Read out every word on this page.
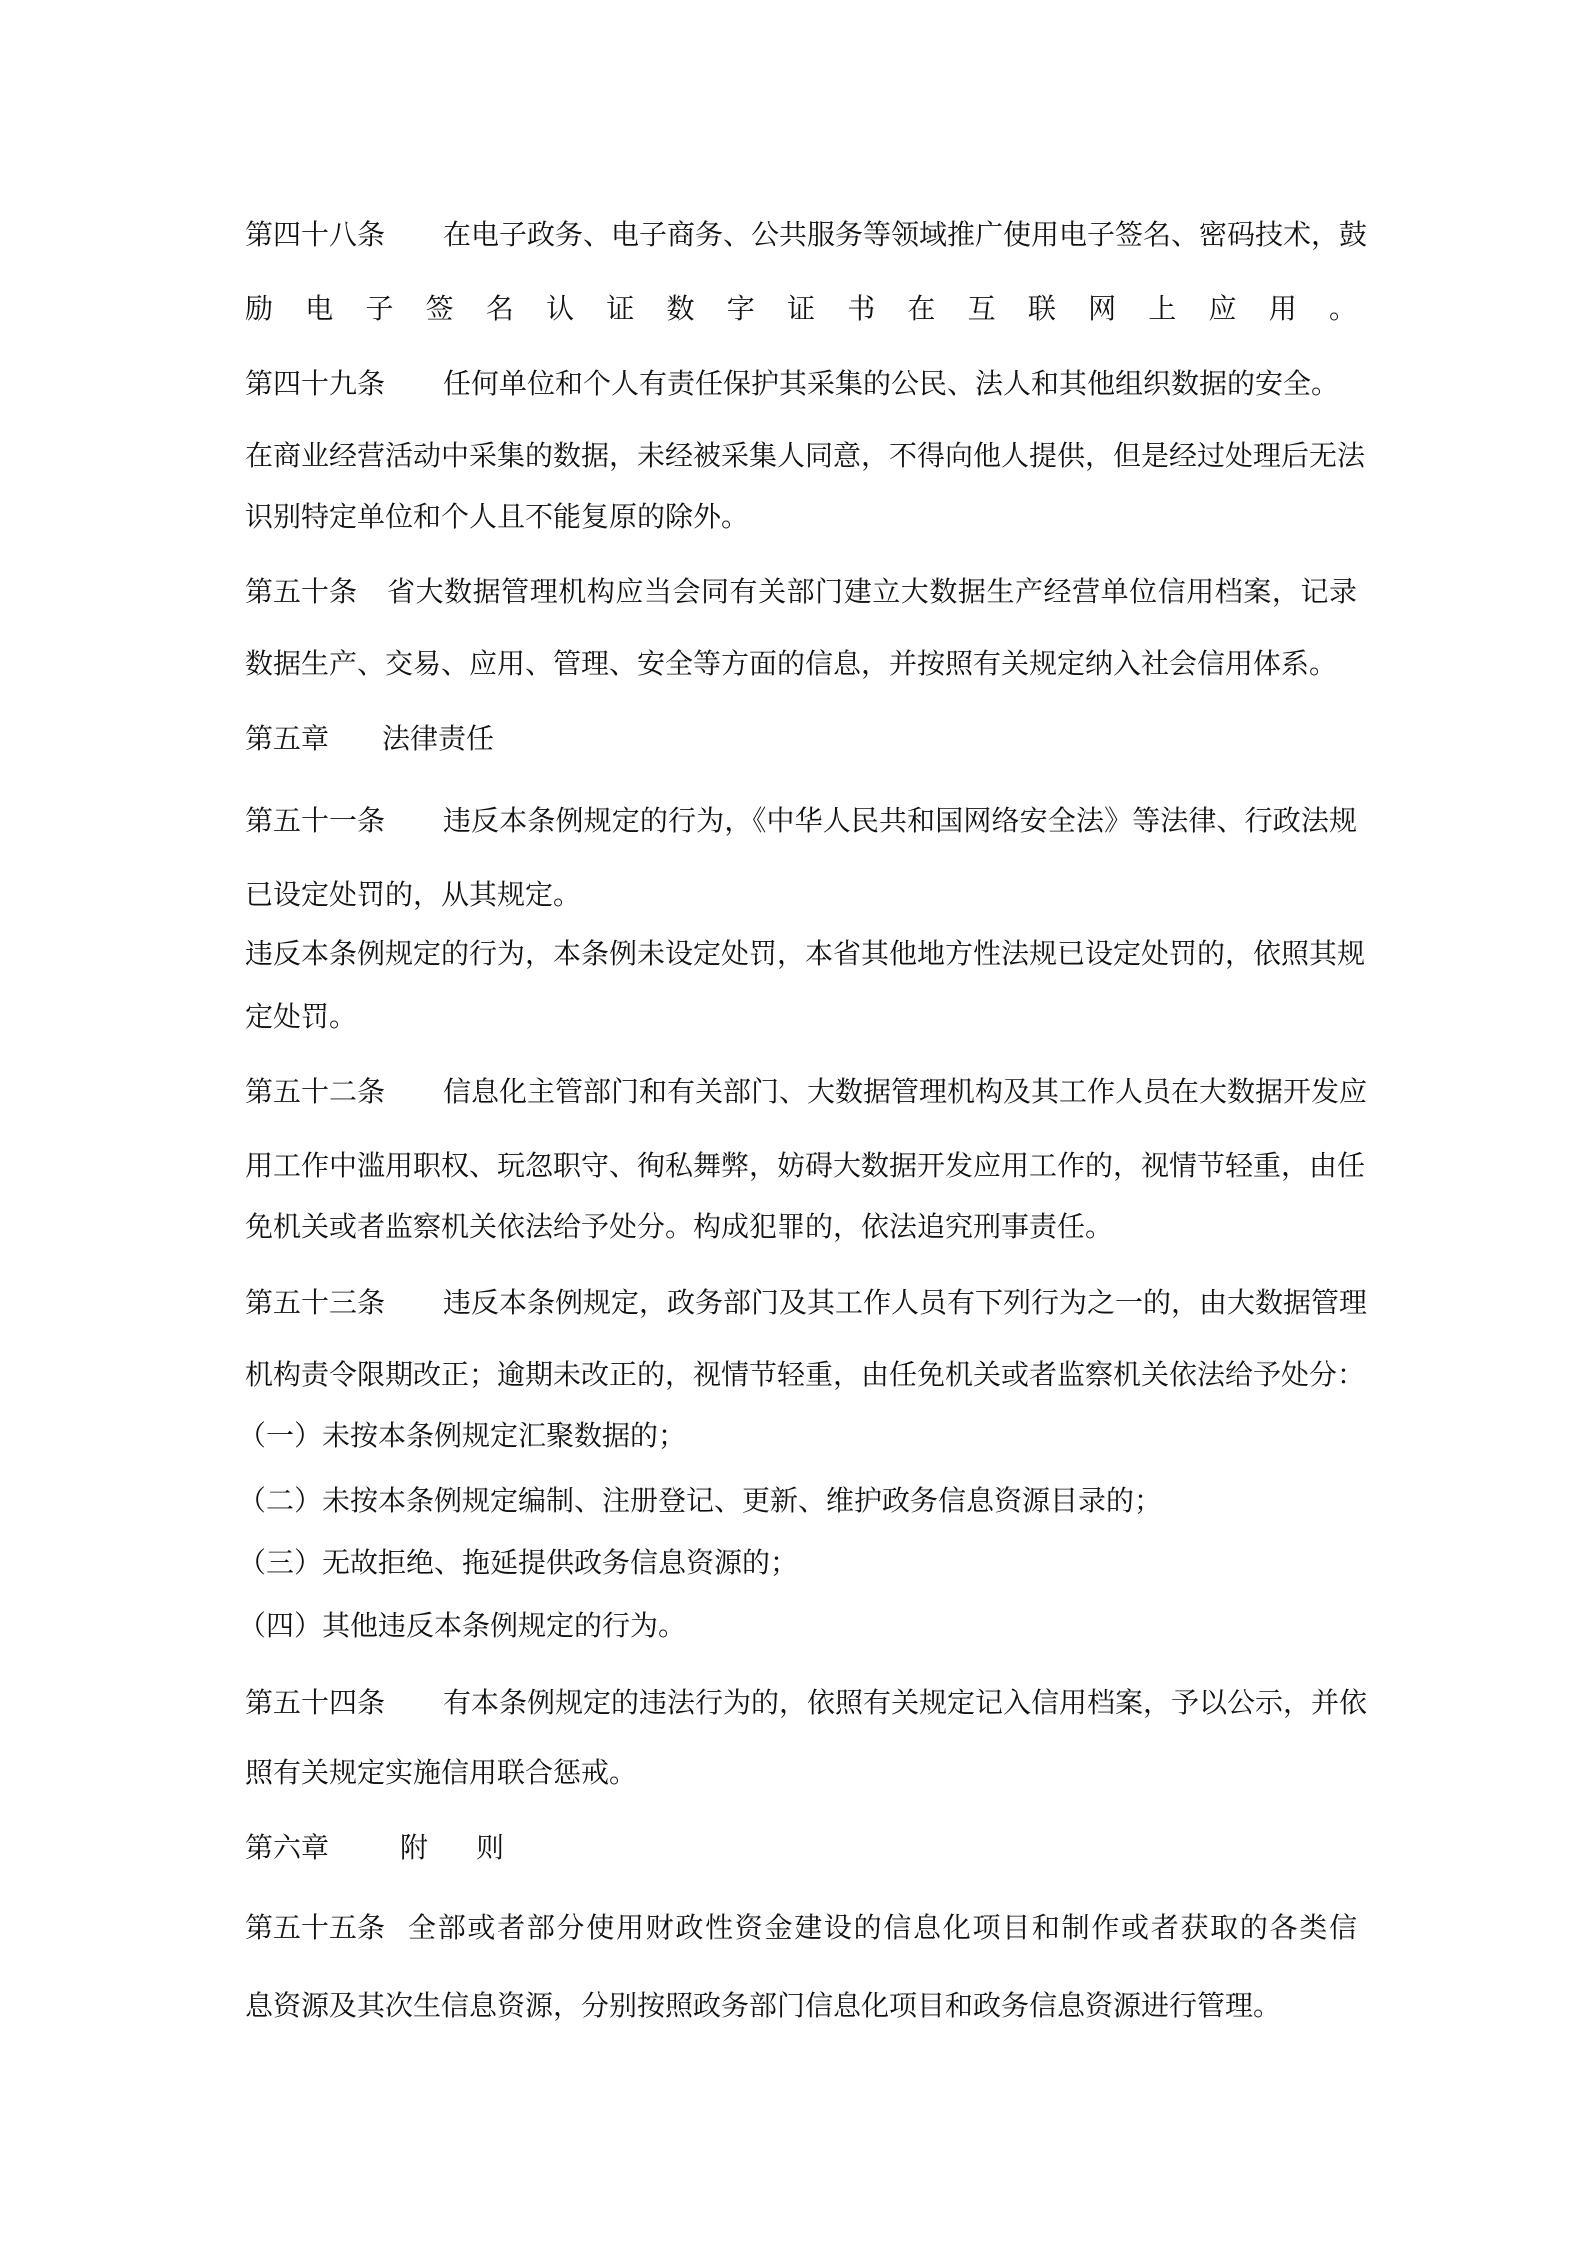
第四十八条 在电子政务、电子商务、公共服务等领域推广使用电子签名、密码技术，鼓
励电子签名认证数字证书在互联网上应用。
第四十九条 任何单位和个人有责任保护其采集的公民、法人和其他组织数据的安全。
在商业经营活动中采集的数据，未经被采集人同意，不得向他人提供，但是经过处理后无法
识别特定单位和个人且不能复原的除外。
第五十条 省大数据管理机构应当会同有关部门建立大数据生产经营单位信用档案，记录
数据生产、交易、应用、管理、安全等方面的信息，并按照有关规定纳入社会信用体系。
第五章 法律责任
第五十一条 违反本条例规定的行为，《中华人民共和国网络安全法》等法律、行政法规
已设定处罚的，从其规定。
违反本条例规定的行为，本条例未设定处罚，本省其他地方性法规已设定处罚的，依照其规
定处罚。
第五十二条 信息化主管部门和有关部门、大数据管理机构及其工作人员在大数据开发应
用工作中滥用职权、玩忽职守、徇私舞弊，妨碍大数据开发应用工作的，视情节轻重，由任
免机关或者监察机关依法给予处分。构成犯罪的，依法追究刑事责任。
第五十三条 违反本条例规定，政务部门及其工作人员有下列行为之一的，由大数据管理
机构责令限期改正；逾期未改正的，视情节轻重，由任免机关或者监察机关依法给予处分：
（一）未按本条例规定汇聚数据的；
（二）未按本条例规定编制、注册登记、更新、维护政务信息资源目录的；
（三）无故拒绝、拖延提供政务信息资源的；
（四）其他违反本条例规定的行为。
第五十四条 有本条例规定的违法行为的，依照有关规定记入信用档案，予以公示，并依
照有关规定实施信用联合惩戒。
第六章	附 则
第五十五条 全部或者部分使用财政性资金建设的信息化项目和制作或者获取的各类信
息资源及其次生信息资源，分别按照政务部门信息化项目和政务信息资源进行管理。
